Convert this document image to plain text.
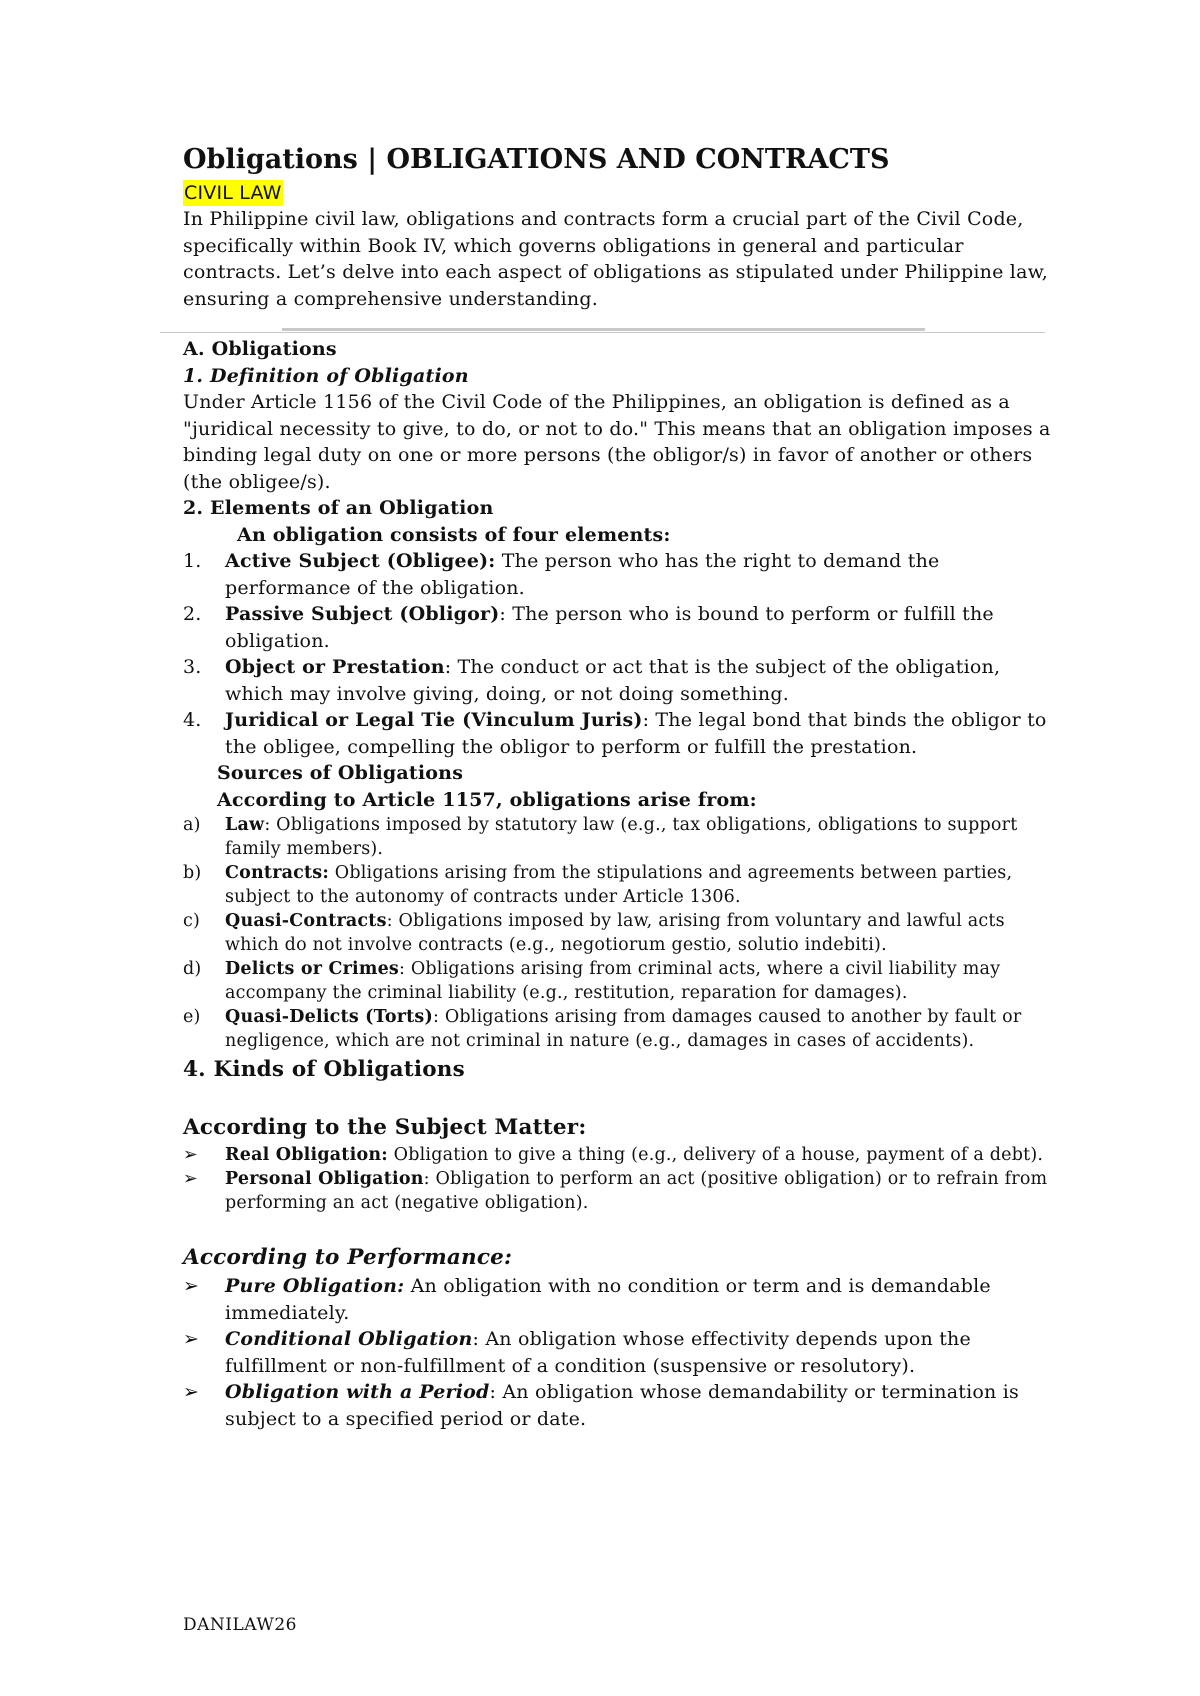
Obligations | OBLIGATIONS AND CONTRACTS
CIVIL LAW

In Philippine civil law, obligations and contracts form a crucial part of the Civil Code, specifically within Book IV, which governs obligations in general and particular contracts. Let’s delve into each aspect of obligations as stipulated under Philippine law, ensuring a comprehensive understanding.

A. Obligations

1. Definition of Obligation

Under Article 1156 of the Civil Code of the Philippines, an obligation is defined as a "juridical necessity to give, to do, or not to do." This means that an obligation imposes a binding legal duty on one or more persons (the obligor/s) in favor of another or others (the obligee/s).

2. Elements of an Obligation

An obligation consists of four elements:

1. Active Subject (Obligee): The person who has the right to demand the performance of the obligation.
2. Passive Subject (Obligor): The person who is bound to perform or fulfill the obligation.
3. Object or Prestation: The conduct or act that is the subject of the obligation, which may involve giving, doing, or not doing something.
4. Juridical or Legal Tie (Vinculum Juris): The legal bond that binds the obligor to the obligee, compelling the obligor to perform or fulfill the prestation.

Sources of Obligations

According to Article 1157, obligations arise from:

a) Law: Obligations imposed by statutory law (e.g., tax obligations, obligations to support family members).
b) Contracts: Obligations arising from the stipulations and agreements between parties, subject to the autonomy of contracts under Article 1306.
c) Quasi-Contracts: Obligations imposed by law, arising from voluntary and lawful acts which do not involve contracts (e.g., negotiorum gestio, solutio indebiti).
d) Delicts or Crimes: Obligations arising from criminal acts, where a civil liability may accompany the criminal liability (e.g., restitution, reparation for damages).
e) Quasi-Delicts (Torts): Obligations arising from damages caused to another by fault or negligence, which are not criminal in nature (e.g., damages in cases of accidents).

4. Kinds of Obligations

According to the Subject Matter:

➢ Real Obligation: Obligation to give a thing (e.g., delivery of a house, payment of a debt).
➢ Personal Obligation: Obligation to perform an act (positive obligation) or to refrain from performing an act (negative obligation).

According to Performance:

➢ Pure Obligation: An obligation with no condition or term and is demandable immediately.
➢ Conditional Obligation: An obligation whose effectivity depends upon the fulfillment or non-fulfillment of a condition (suspensive or resolutory).
➢ Obligation with a Period: An obligation whose demandability or termination is subject to a specified period or date.
DANILAW26
